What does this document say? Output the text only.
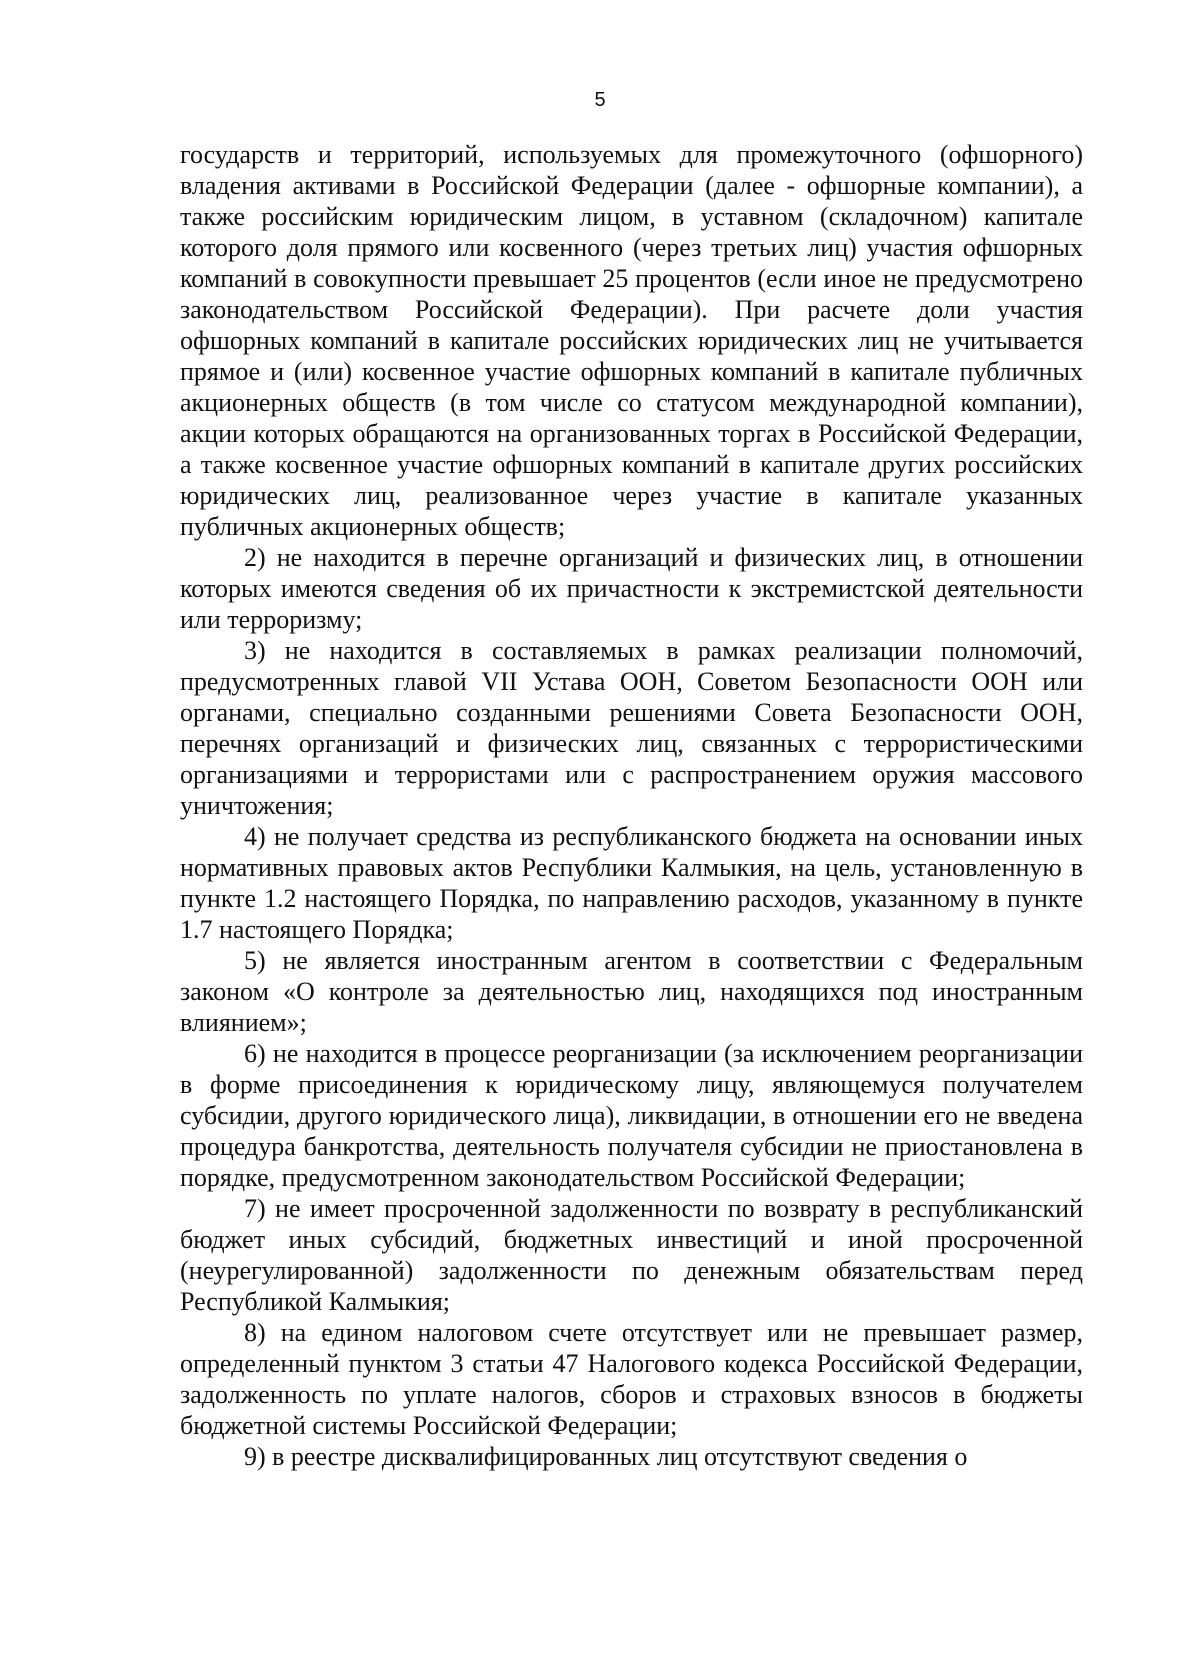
5

государств и территорий, используемых для промежуточного (офшорного) владения активами в Российской Федерации (далее - офшорные компании), а также российским юридическим лицом, в уставном (складочном) капитале которого доля прямого или косвенного (через третьих лиц) участия офшорных компаний в совокупности превышает 25 процентов (если иное не предусмотрено законодательством Российской Федерации). При расчете доли участия офшорных компаний в капитале российских юридических лиц не учитывается прямое и (или) косвенное участие офшорных компаний в капитале публичных акционерных обществ (в том числе со статусом международной компании), акции которых обращаются на организованных торгах в Российской Федерации, а также косвенное участие офшорных компаний в капитале других российских юридических лиц, реализованное через участие в капитале указанных публичных акционерных обществ;

2) не находится в перечне организаций и физических лиц, в отношении которых имеются сведения об их причастности к экстремистской деятельности или терроризму;

3) не находится в составляемых в рамках реализации полномочий, предусмотренных главой VII Устава ООН, Советом Безопасности ООН или органами, специально созданными решениями Совета Безопасности ООН, перечнях организаций и физических лиц, связанных с террористическими организациями и террористами или с распространением оружия массового уничтожения;

4) не получает средства из республиканского бюджета на основании иных нормативных правовых актов Республики Калмыкия, на цель, установленную в пункте 1.2 настоящего Порядка, по направлению расходов, указанному в пункте 1.7 настоящего Порядка;

5) не является иностранным агентом в соответствии с Федеральным законом «О контроле за деятельностью лиц, находящихся под иностранным влиянием»;

6) не находится в процессе реорганизации (за исключением реорганизации в форме присоединения к юридическому лицу, являющемуся получателем субсидии, другого юридического лица), ликвидации, в отношении его не введена процедура банкротства, деятельность получателя субсидии не приостановлена в порядке, предусмотренном законодательством Российской Федерации;

7) не имеет просроченной задолженности по возврату в республиканский бюджет иных субсидий, бюджетных инвестиций и иной просроченной (неурегулированной) задолженности по денежным обязательствам перед Республикой Калмыкия;

8) на едином налоговом счете отсутствует или не превышает размер, определенный пунктом 3 статьи 47 Налогового кодекса Российской Федерации, задолженность по уплате налогов, сборов и страховых взносов в бюджеты бюджетной системы Российской Федерации;

9) в реестре дисквалифицированных лиц отсутствуют сведения о
